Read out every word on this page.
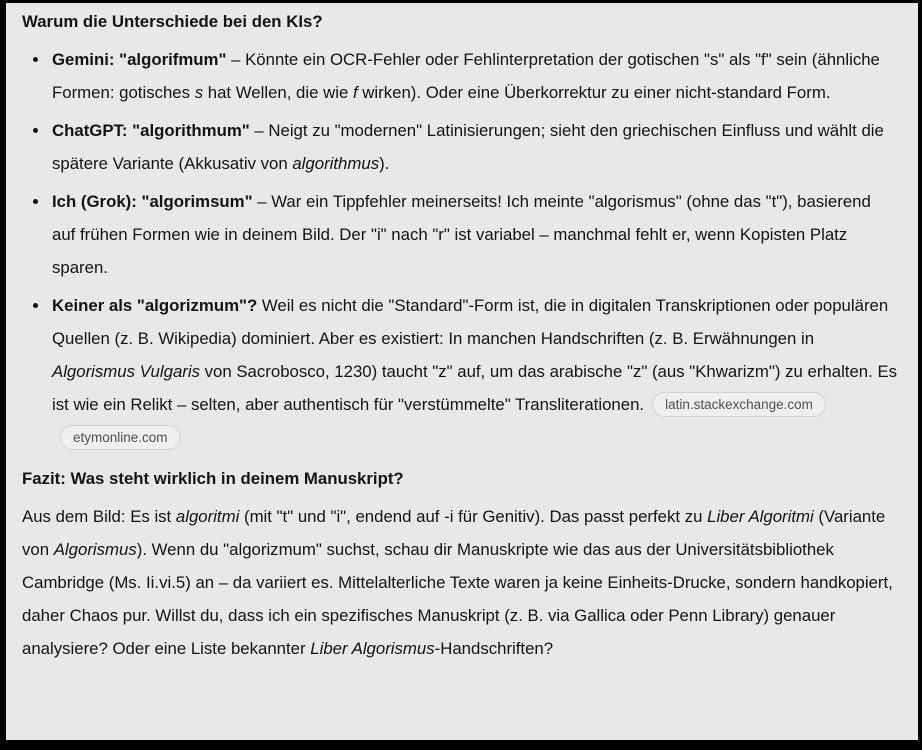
Warum die Unterschiede bei den KIs?
Gemini: "algorifmum" – Könnte ein OCR-Fehler oder Fehlinterpretation der gotischen "s" als "f" sein (ähnliche Formen: gotisches s hat Wellen, die wie f wirken). Oder eine Überkorrektur zu einer nicht-standard Form.
ChatGPT: "algorithmum" – Neigt zu "modernen" Latinisierungen; sieht den griechischen Einfluss und wählt die spätere Variante (Akkusativ von algorithmus).
Ich (Grok): "algorimsum" – War ein Tippfehler meinerseits! Ich meinte "algorismus" (ohne das "t"), basierend auf frühen Formen wie in deinem Bild. Der "i" nach "r" ist variabel – manchmal fehlt er, wenn Kopisten Platz sparen.
Keiner als "algorizmum"? Weil es nicht die "Standard"-Form ist, die in digitalen Transkriptionen oder populären Quellen (z. B. Wikipedia) dominiert. Aber es existiert: In manchen Handschriften (z. B. Erwähnungen in Algorismus Vulgaris von Sacrobosco, 1230) taucht "z" auf, um das arabische "z" (aus "Khwarizm") zu erhalten. Es ist wie ein Relikt – selten, aber authentisch für "verstümmelte" Transliterationen. latin.stackexchange.cometymonline.com
Fazit: Was steht wirklich in deinem Manuskript?

Aus dem Bild: Es ist algoritmi (mit "t" und "i", endend auf -i für Genitiv). Das passt perfekt zu Liber Algoritmi (Variante von Algorismus). Wenn du "algorizmum" suchst, schau dir Manuskripte wie das aus der Universitätsbibliothek Cambridge (Ms. Ii.vi.5) an – da variiert es. Mittelalterliche Texte waren ja keine Einheits-Drucke, sondern handkopiert, daher Chaos pur. Willst du, dass ich ein spezifisches Manuskript (z. B. via Gallica oder Penn Library) genauer analysiere? Oder eine Liste bekannter Liber Algorismus-Handschriften?
